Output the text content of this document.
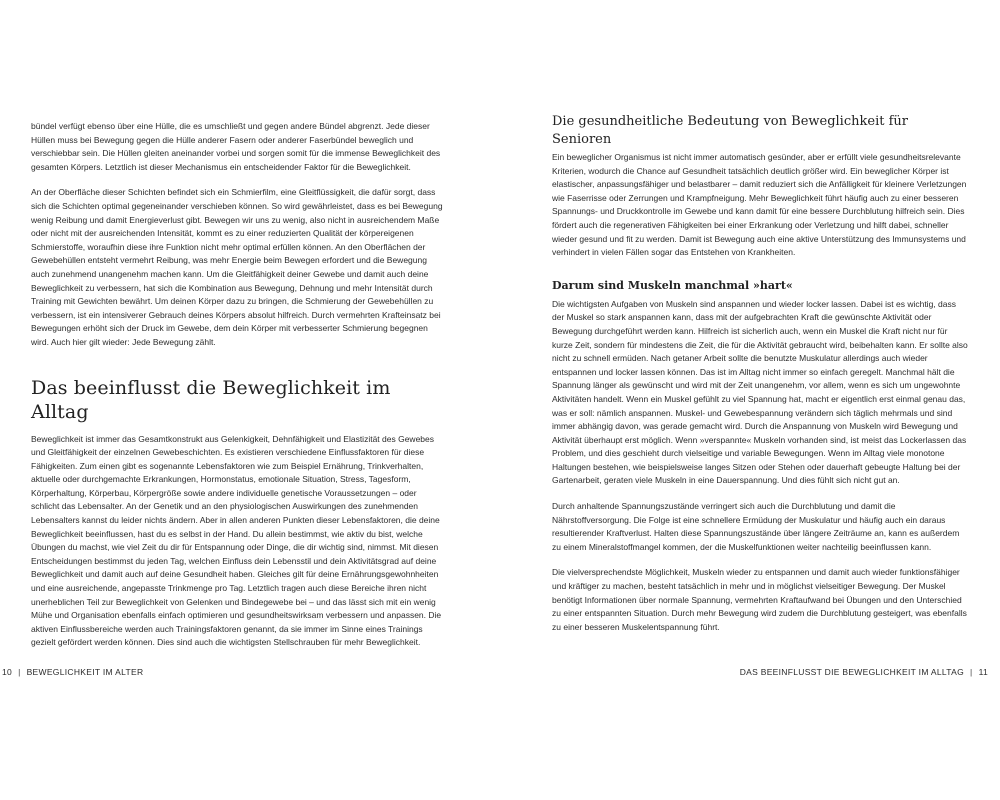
bündel verfügt ebenso über eine Hülle, die es umschließt und gegen andere Bündel abgrenzt. Jede dieser Hüllen muss bei Bewegung gegen die Hülle anderer Fasern oder anderer Faserbündel beweglich und verschiebbar sein. Die Hüllen gleiten aneinander vorbei und sorgen somit für die immense Beweglichkeit des gesamten Körpers. Letztlich ist dieser Mechanismus ein entscheidender Faktor für die Beweglichkeit.

An der Oberfläche dieser Schichten befindet sich ein Schmierfilm, eine Gleitflüssigkeit, die dafür sorgt, dass sich die Schichten optimal gegeneinander verschieben können. So wird gewährleistet, dass es bei Bewegung wenig Reibung und damit Energieverlust gibt. Bewegen wir uns zu wenig, also nicht in ausreichendem Maße oder nicht mit der ausreichenden Intensität, kommt es zu einer reduzierten Qualität der körpereigenen Schmierstoffe, woraufhin diese ihre Funktion nicht mehr optimal erfüllen können. An den Oberflächen der Gewebehüllen entsteht vermehrt Reibung, was mehr Energie beim Bewegen erfordert und die Bewegung auch zunehmend unangenehm machen kann. Um die Gleitfähigkeit deiner Gewebe und damit auch deine Beweglichkeit zu verbessern, hat sich die Kombination aus Bewegung, Dehnung und mehr Intensität durch Training mit Gewichten bewährt. Um deinen Körper dazu zu bringen, die Schmierung der Gewebehüllen zu verbessern, ist ein intensiverer Gebrauch deines Körpers absolut hilfreich. Durch vermehrten Krafteinsatz bei Bewegungen erhöht sich der Druck im Gewebe, dem dein Körper mit verbesserter Schmierung begegnen wird. Auch hier gilt wieder: Jede Bewegung zählt.

Das beeinflusst die Beweglichkeit im Alltag

Beweglichkeit ist immer das Gesamtkonstrukt aus Gelenkigkeit, Dehnfähigkeit und Elastizität des Gewebes und Gleitfähigkeit der einzelnen Gewebeschichten. Es existieren verschiedene Einflussfaktoren für diese Fähigkeiten. Zum einen gibt es sogenannte Lebensfaktoren wie zum Beispiel Ernährung, Trinkverhalten, aktuelle oder durchgemachte Erkrankungen, Hormonstatus, emotionale Situation, Stress, Tagesform, Körperhaltung, Körperbau, Körpergröße sowie andere individuelle genetische Voraussetzungen – oder schlicht das Lebensalter. An der Genetik und an den physiologischen Auswirkungen des zunehmenden Lebensalters kannst du leider nichts ändern. Aber in allen anderen Punkten dieser Lebensfaktoren, die deine Beweglichkeit beeinflussen, hast du es selbst in der Hand. Du allein bestimmst, wie aktiv du bist, welche Übungen du machst, wie viel Zeit du dir für Entspannung oder Dinge, die dir wichtig sind, nimmst. Mit diesen Entscheidungen bestimmst du jeden Tag, welchen Einfluss dein Lebensstil und dein Aktivitätsgrad auf deine Beweglichkeit und damit auch auf deine Gesundheit haben. Gleiches gilt für deine Ernährungsgewohnheiten und eine ausreichende, angepasste Trinkmenge pro Tag. Letztlich tragen auch diese Bereiche ihren nicht unerheblichen Teil zur Beweglichkeit von Gelenken und Bindegewebe bei – und das lässt sich mit ein wenig Mühe und Organisation ebenfalls einfach optimieren und gesundheitswirksam verbessern und anpassen. Die aktiven Einflussbereiche werden auch Trainingsfaktoren genannt, da sie immer im Sinne eines Trainings gezielt gefördert werden können. Dies sind auch die wichtigsten Stellschrauben für mehr Beweglichkeit.

10 | BEWEGLICHKEIT IM ALTER
Die gesundheitliche Bedeutung von Beweglichkeit für Senioren

Ein beweglicher Organismus ist nicht immer automatisch gesünder, aber er erfüllt viele gesundheitsrelevante Kriterien, wodurch die Chance auf Gesundheit tatsächlich deutlich größer wird. Ein beweglicher Körper ist elastischer, anpassungsfähiger und belastbarer – damit reduziert sich die Anfälligkeit für kleinere Verletzungen wie Faserrisse oder Zerrungen und Krampfneigung. Mehr Beweglichkeit führt häufig auch zu einer besseren Spannungs- und Druckkontrolle im Gewebe und kann damit für eine bessere Durchblutung hilfreich sein. Dies fördert auch die regenerativen Fähigkeiten bei einer Erkrankung oder Verletzung und hilft dabei, schneller wieder gesund und fit zu werden. Damit ist Bewegung auch eine aktive Unterstützung des Immunsystems und verhindert in vielen Fällen sogar das Entstehen von Krankheiten.

Darum sind Muskeln manchmal »hart«

Die wichtigsten Aufgaben von Muskeln sind anspannen und wieder locker lassen. Dabei ist es wichtig, dass der Muskel so stark anspannen kann, dass mit der aufgebrachten Kraft die gewünschte Aktivität oder Bewegung durchgeführt werden kann. Hilfreich ist sicherlich auch, wenn ein Muskel die Kraft nicht nur für kurze Zeit, sondern für mindestens die Zeit, die für die Aktivität gebraucht wird, beibehalten kann. Er sollte also nicht zu schnell ermüden. Nach getaner Arbeit sollte die benutzte Muskulatur allerdings auch wieder entspannen und locker lassen können. Das ist im Alltag nicht immer so einfach geregelt. Manchmal hält die Spannung länger als gewünscht und wird mit der Zeit unangenehm, vor allem, wenn es sich um ungewohnte Aktivitäten handelt. Wenn ein Muskel gefühlt zu viel Spannung hat, macht er eigentlich erst einmal genau das, was er soll: nämlich anspannen. Muskel- und Gewebespannung verändern sich täglich mehrmals und sind immer abhängig davon, was gerade gemacht wird. Durch die Anspannung von Muskeln wird Bewegung und Aktivität überhaupt erst möglich. Wenn »verspannte« Muskeln vorhanden sind, ist meist das Lockerlassen das Problem, und dies geschieht durch vielseitige und variable Bewegungen. Wenn im Alltag viele monotone Haltungen bestehen, wie beispielsweise langes Sitzen oder Stehen oder dauerhaft gebeugte Haltung bei der Gartenarbeit, geraten viele Muskeln in eine Dauerspannung. Und dies fühlt sich nicht gut an.

Durch anhaltende Spannungszustände verringert sich auch die Durchblutung und damit die Nährstoffversorgung. Die Folge ist eine schnellere Ermüdung der Muskulatur und häufig auch ein daraus resultierender Kraftverlust. Halten diese Spannungszustände über längere Zeiträume an, kann es außerdem zu einem Mineralstoffmangel kommen, der die Muskelfunktionen weiter nachteilig beeinflussen kann.

Die vielversprechendste Möglichkeit, Muskeln wieder zu entspannen und damit auch wieder funktionsfähiger und kräftiger zu machen, besteht tatsächlich in mehr und in möglichst vielseitiger Bewegung. Der Muskel benötigt Informationen über normale Spannung, vermehrten Kraftaufwand bei Übungen und den Unterschied zu einer entspannten Situation. Durch mehr Bewegung wird zudem die Durchblutung gesteigert, was ebenfalls zu einer besseren Muskelentspannung führt.

DAS BEEINFLUSST DIE BEWEGLICHKEIT IM ALLTAG | 11
